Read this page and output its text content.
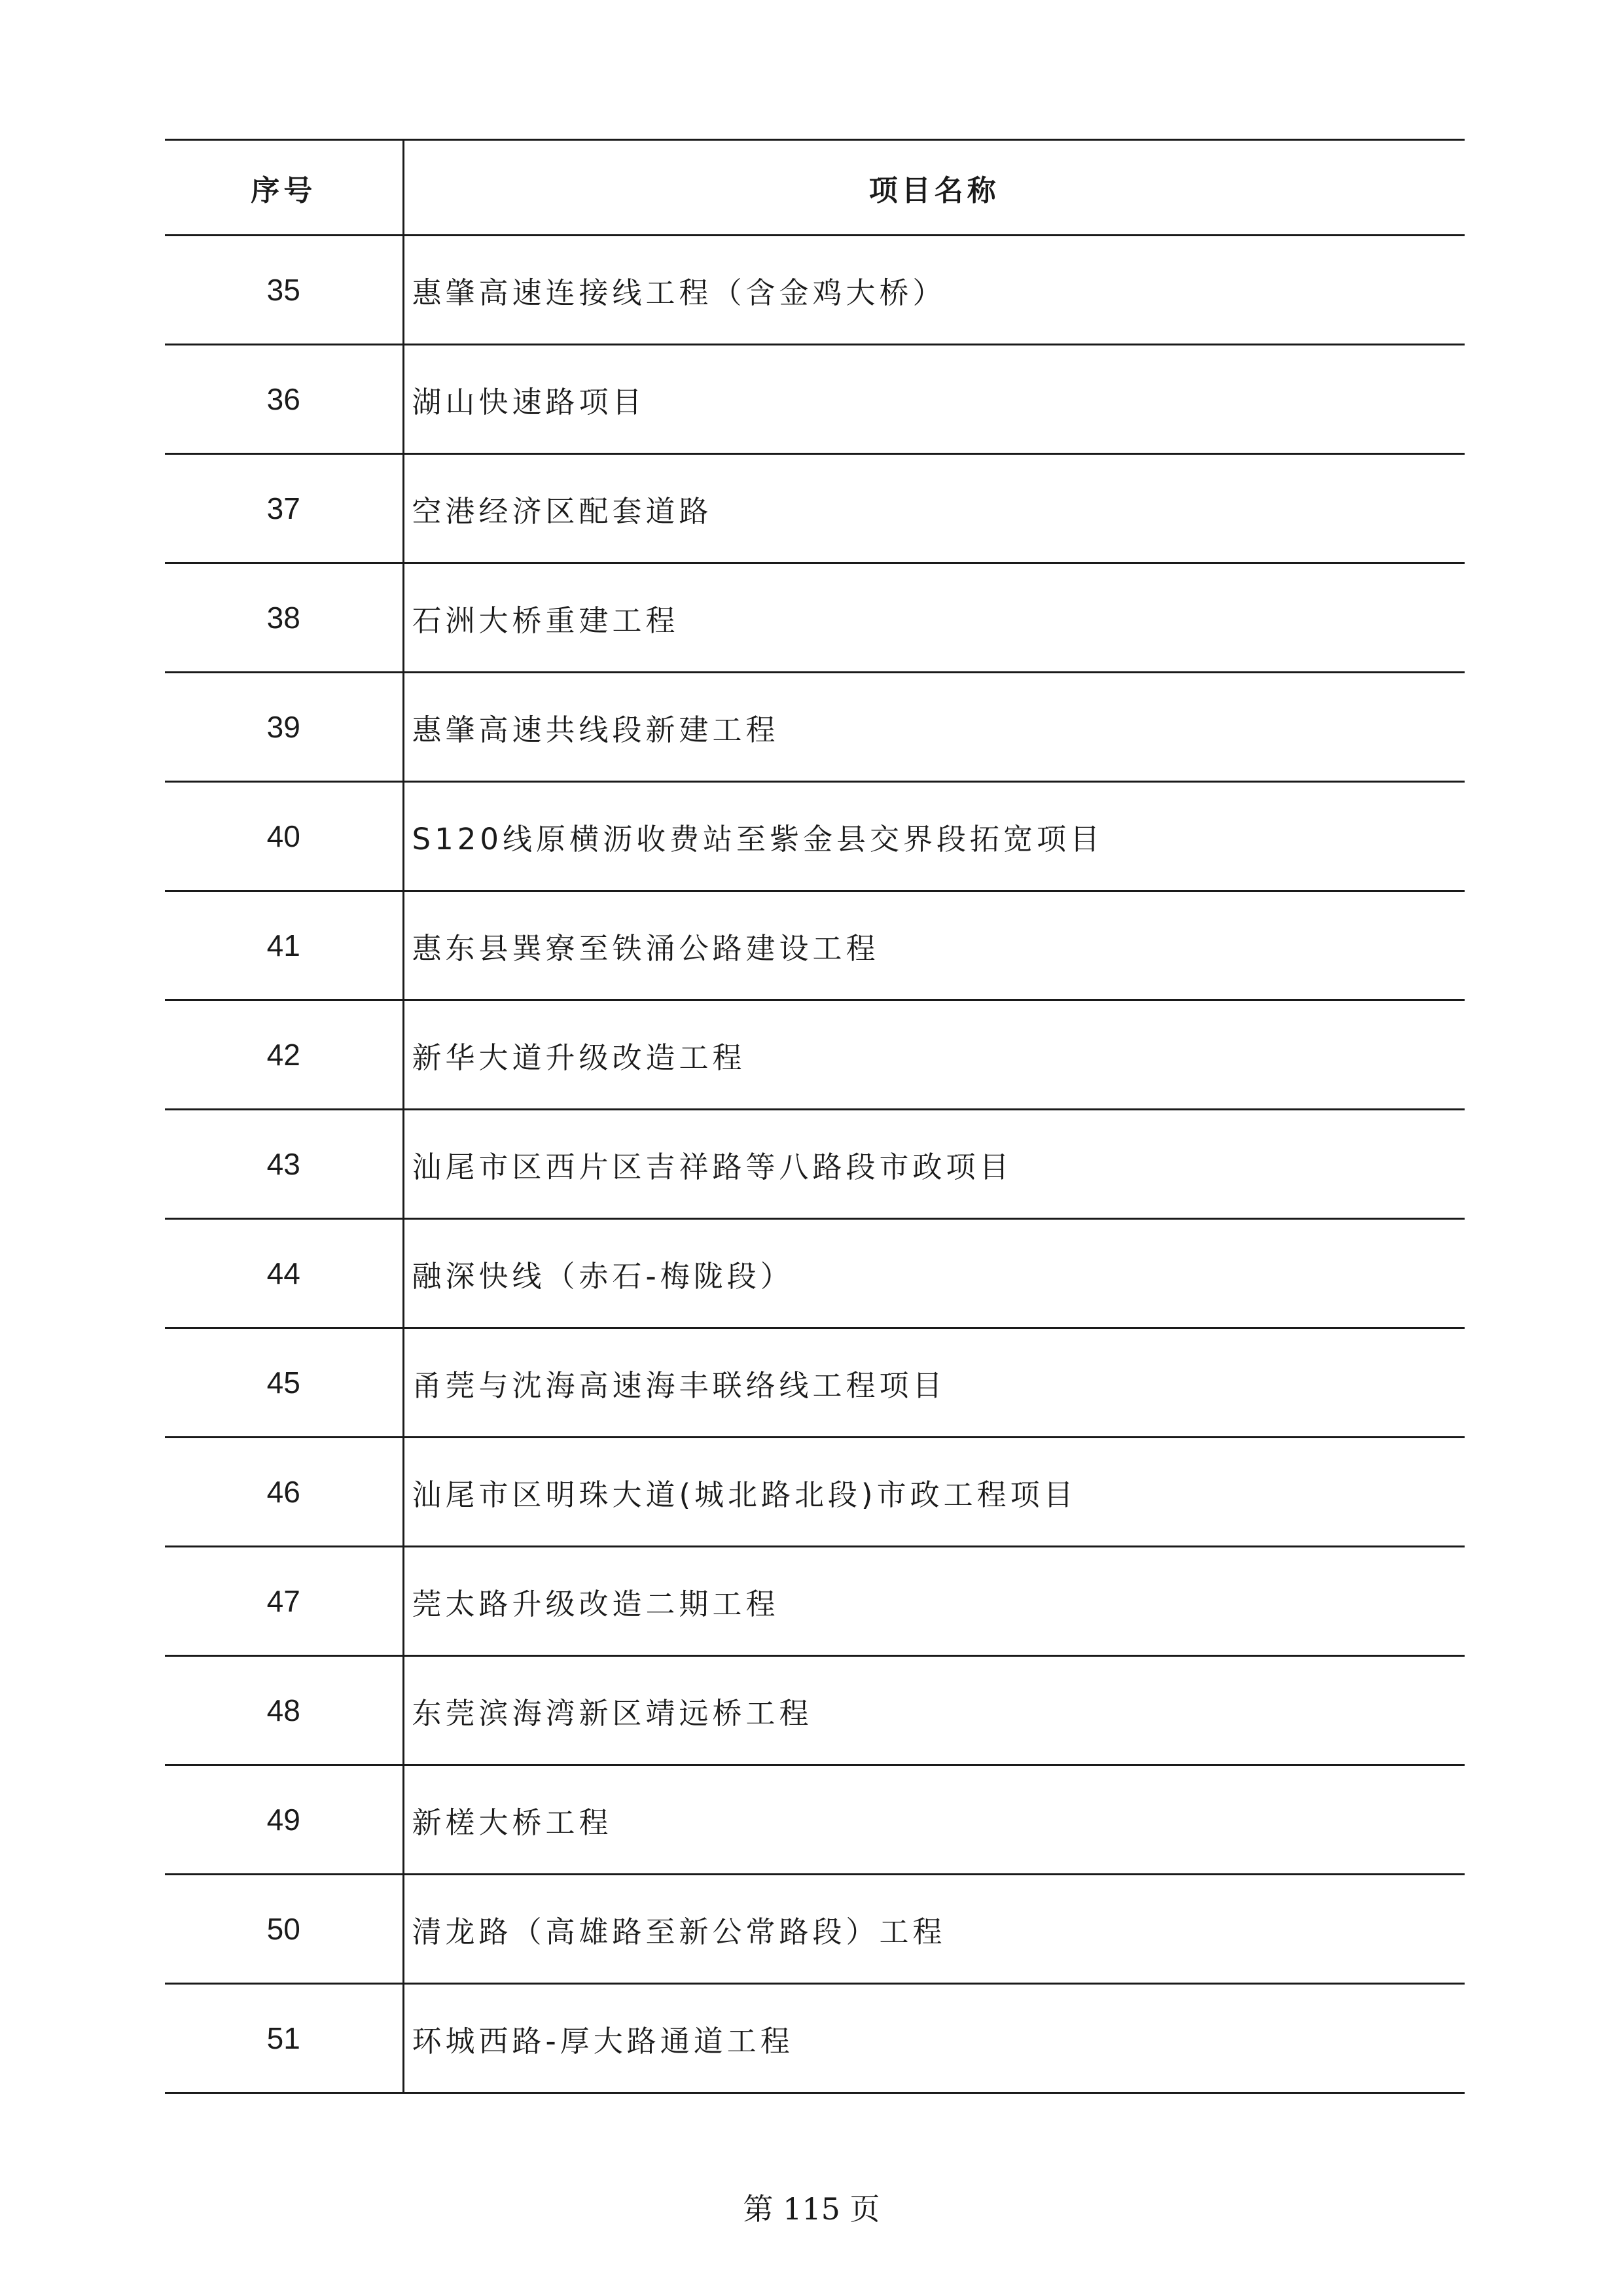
序号	项目名称
35	惠肇高速连接线工程（含金鸡大桥）
36	湖山快速路项目
37	空港经济区配套道路
38	石洲大桥重建工程
39	惠肇高速共线段新建工程
40	S120线原横沥收费站至紫金县交界段拓宽项目
41	惠东县巽寮至铁涌公路建设工程
42	新华大道升级改造工程
43	汕尾市区西片区吉祥路等八路段市政项目
44	融深快线（赤石-梅陇段）
45	甬莞与沈海高速海丰联络线工程项目
46	汕尾市区明珠大道(城北路北段)市政工程项目
47	莞太路升级改造二期工程
48	东莞滨海湾新区靖远桥工程
49	新槎大桥工程
50	清龙路（高雄路至新公常路段）工程
51	环城西路-厚大路通道工程
第 115 页
